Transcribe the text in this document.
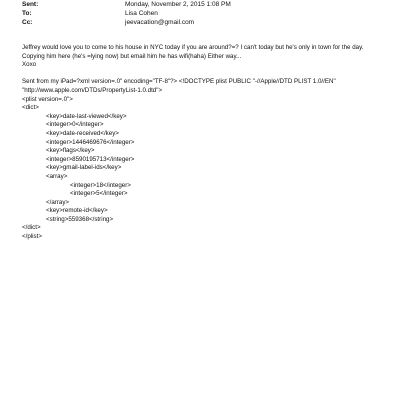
Sent:	Monday, November 2, 2015 1:08 PM
To:	Lisa Cohen
Cc:	jeevacation@gmail.com
Jeffrey would love you to come to his house in NYC today if you are around?=? I can't today but he's only in town for the day. Copying him here (he's =lying now) but email him he has wifi(haha) Either way...
Xoxo
Sent from my iPad=?xml version=.0" encoding="TF-8"?> <!DOCTYPE plist PUBLIC "-//Apple//DTD PLIST 1.0//EN" "http://www.apple.com/DTDs/PropertyList-1.0.dtd">
<plist version=.0">
<dict>
<key>date-last-viewed</key>
<integer>0</integer>
<key>date-received</key>
<integer>1446469676</integer>
<key>flags</key>
<integer>8590195713</integer>
<key>gmail-label-ids</key>
<array>
<integer>18</integer>
<integer>5</integer>
</array>
<key>remote-id</key>
<string>559368</string>
</dict>
</plist>
